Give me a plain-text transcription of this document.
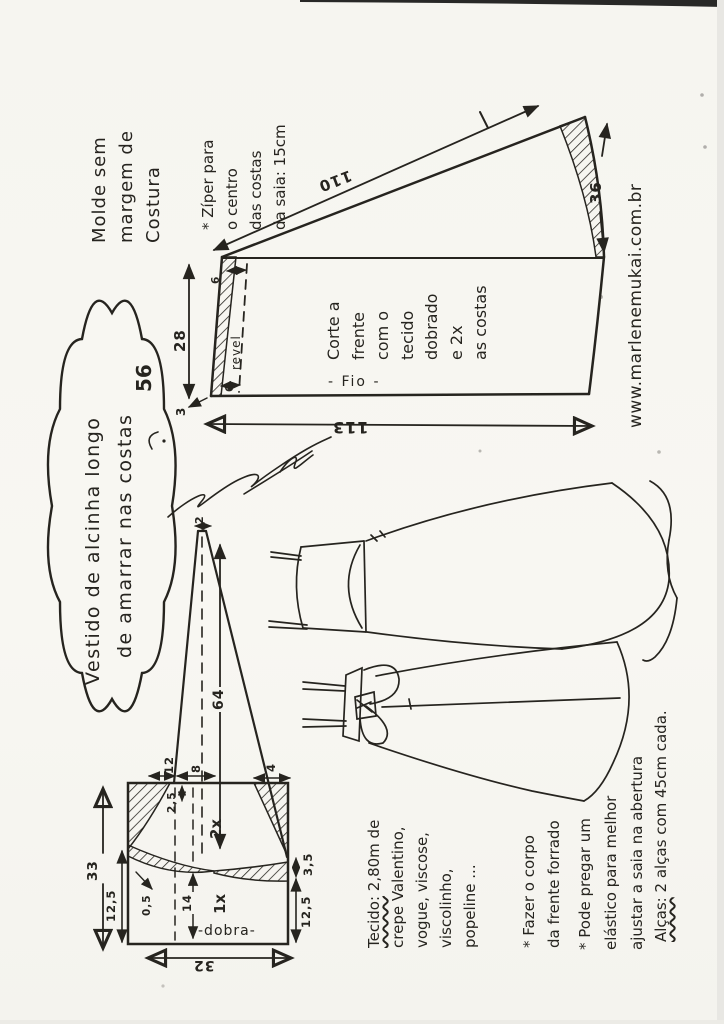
Molde sem margem de Costura * Zíper para o centro das costas da saia: 15cm
Vestido de alcinha longo de amarrar nas costas
56	www.marlenemukai.com.br
Corte a frente com o tecido dobrado e 2x as costas
- Fio -
revel
110
113
28
36
6
6
3
2
64
12 8	4
2,5
0,5 14
33
12,5	12,5
3,5
32
2x
1x
-dobra-	Tecido: 2,80m de crepe Valentino, vogue, viscose, viscolinho, popeline ...	* Fazer o corpo da frente forrado * Pode pregar um elástico para melhor ajustar a saia na abertura Alças: 2 alças com 45cm cada.
